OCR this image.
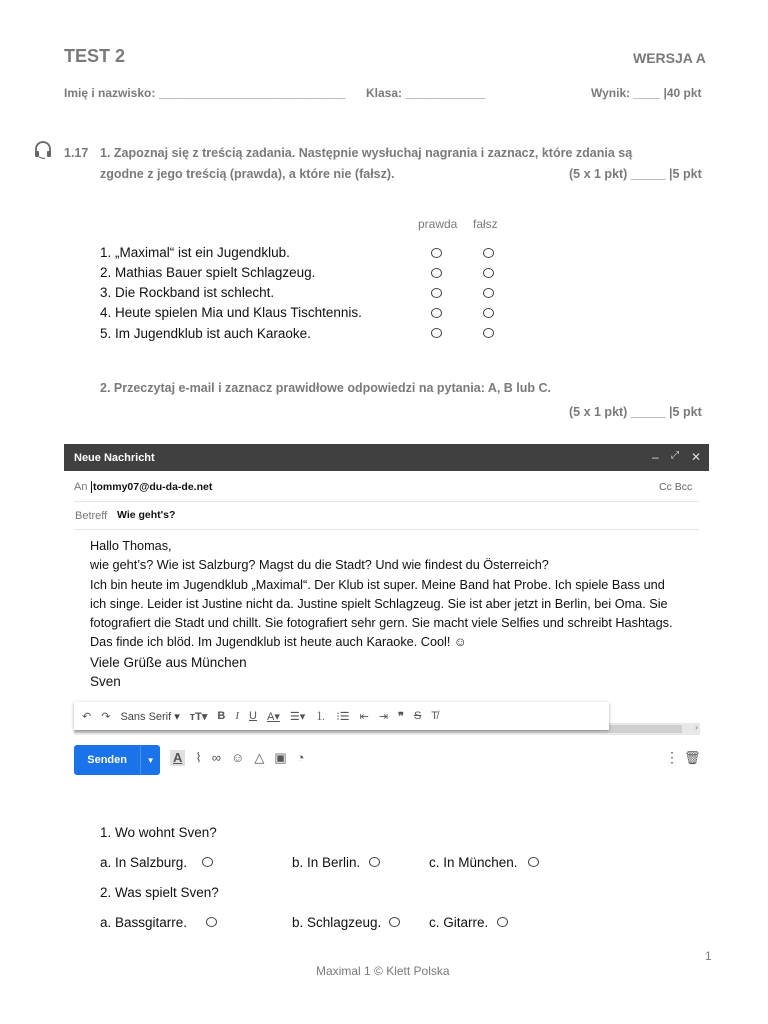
TEST 2	WERSJA A
Imię i nazwisko: ____________________________ Klasa: ____________	Wynik: ____ |40 pkt
1.17 1. Zapoznaj się z treścią zadania. Następnie wysłuchaj nagrania i zaznacz, które zdania są
zgodne z jego treścią (prawda), a które nie (fałsz).	(5 x 1 pkt) _____ |5 pkt
prawda fałsz
1. „Maximal“ ist ein Jugendklub.
2. Mathias Bauer spielt Schlagzeug.
3. Die Rockband ist schlecht.
4. Heute spielen Mia und Klaus Tischtennis.
5. Im Jugendklub ist auch Karaoke.
2. Przeczytaj e-mail i zaznacz prawidłowe odpowiedzi na pytania: A, B lub C.
(5 x 1 pkt) _____ |5 pkt
Neue Nachricht	– ⤢ ✕
An tommy07@du-da-de.net	Cc Bcc
Betreff Wie geht's?
Hallo Thomas,
wie geht’s? Wie ist Salzburg? Magst du die Stadt? Und wie findest du Österreich?
Ich bin heute im Jugendklub „Maximal“. Der Klub ist super. Meine Band hat Probe. Ich spiele Bass und
ich singe. Leider ist Justine nicht da. Justine spielt Schlagzeug. Sie ist aber jetzt in Berlin, bei Oma. Sie
fotografiert die Stadt und chillt. Sie fotografiert sehr gern. Sie macht viele Selfies und schreibt Hashtags.
Das finde ich blöd. Im Jugendklub ist heute auch Karaoke. Cool! ☺
Viele Grüße aus München
Sven
›
↶ ↷ Sans Serif ▾ ᴛT▾ B I U A▾ ☰▾ ⒈ ⁝☰ ⇤ ⇥ ❞ S T̸
Senden	▼	A ⌇ ∞ ☺ △ ▣ ◔	⋮ 🗑
1. Wo wohnt Sven?
a. In Salzburg.	b. In Berlin.	c. In München.
2. Was spielt Sven?
a. Bassgitarre.	b. Schlagzeug.	c. Gitarre.
1
Maximal 1 © Klett Polska
